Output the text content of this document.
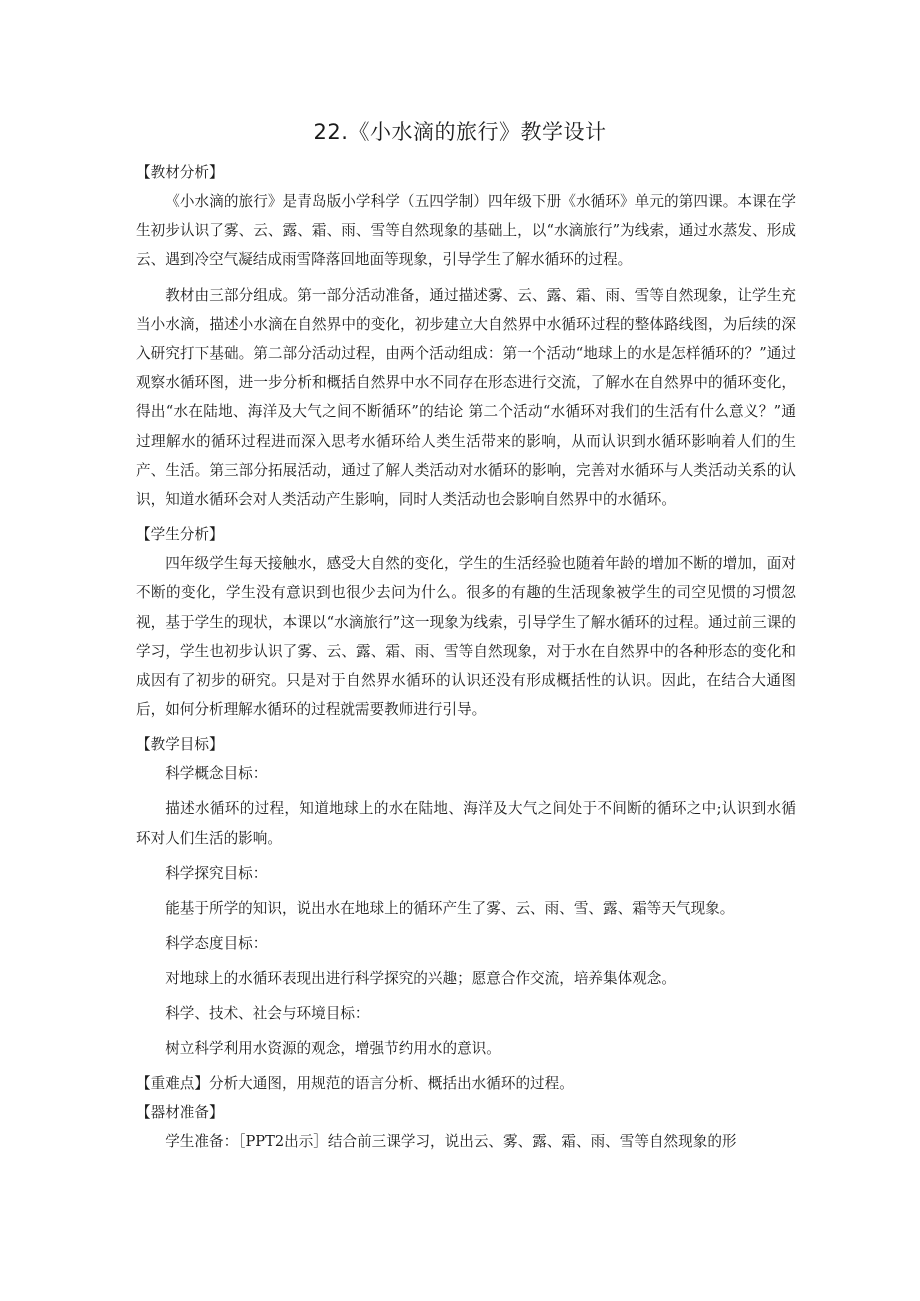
22.《小水滴的旅行》教学设计

【教材分析】

《小水滴的旅行》是青岛版小学科学（五四学制）四年级下册《水循环》单元的第四课。本课在学生初步认识了雾、云、露、霜、雨、雪等自然现象的基础上，以“水滴旅行”为线索，通过水蒸发、形成云、遇到冷空气凝结成雨雪降落回地面等现象，引导学生了解水循环的过程。

教材由三部分组成。第一部分活动准备，通过描述雾、云、露、霜、雨、雪等自然现象，让学生充当小水滴，描述小水滴在自然界中的变化，初步建立大自然界中水循环过程的整体路线图，为后续的深入研究打下基础。第二部分活动过程，由两个活动组成：第一个活动“地球上的水是怎样循环的？”通过观察水循环图，进一步分析和概括自然界中水不同存在形态进行交流，了解水在自然界中的循环变化，得出“水在陆地、海洋及大气之间不断循环”的结论 第二个活动“水循环对我们的生活有什么意义？”通过理解水的循环过程进而深入思考水循环给人类生活带来的影响，从而认识到水循环影响着人们的生产、生活。第三部分拓展活动，通过了解人类活动对水循环的影响，完善对水循环与人类活动关系的认识，知道水循环会对人类活动产生影响，同时人类活动也会影响自然界中的水循环。

【学生分析】

四年级学生每天接触水，感受大自然的变化，学生的生活经验也随着年龄的增加不断的增加，面对不断的变化，学生没有意识到也很少去问为什么。很多的有趣的生活现象被学生的司空见惯的习惯忽视，基于学生的现状，本课以“水滴旅行”这一现象为线索，引导学生了解水循环的过程。通过前三课的学习，学生也初步认识了雾、云、露、霜、雨、雪等自然现象，对于水在自然界中的各种形态的变化和成因有了初步的研究。只是对于自然界水循环的认识还没有形成概括性的认识。因此，在结合大通图后，如何分析理解水循环的过程就需要教师进行引导。

【教学目标】

科学概念目标：

描述水循环的过程，知道地球上的水在陆地、海洋及大气之间处于不间断的循环之中;认识到水循环对人们生活的影响。

科学探究目标：

能基于所学的知识，说出水在地球上的循环产生了雾、云、雨、雪、露、霜等天气现象。

科学态度目标：

对地球上的水循环表现出进行科学探究的兴趣；愿意合作交流，培养集体观念。

科学、技术、社会与环境目标：

树立科学利用水资源的观念，增强节约用水的意识。

【重难点】分析大通图，用规范的语言分析、概括出水循环的过程。

【器材准备】

学生准备：［PPT2出示］结合前三课学习，说出云、雾、露、霜、雨、雪等自然现象的形
